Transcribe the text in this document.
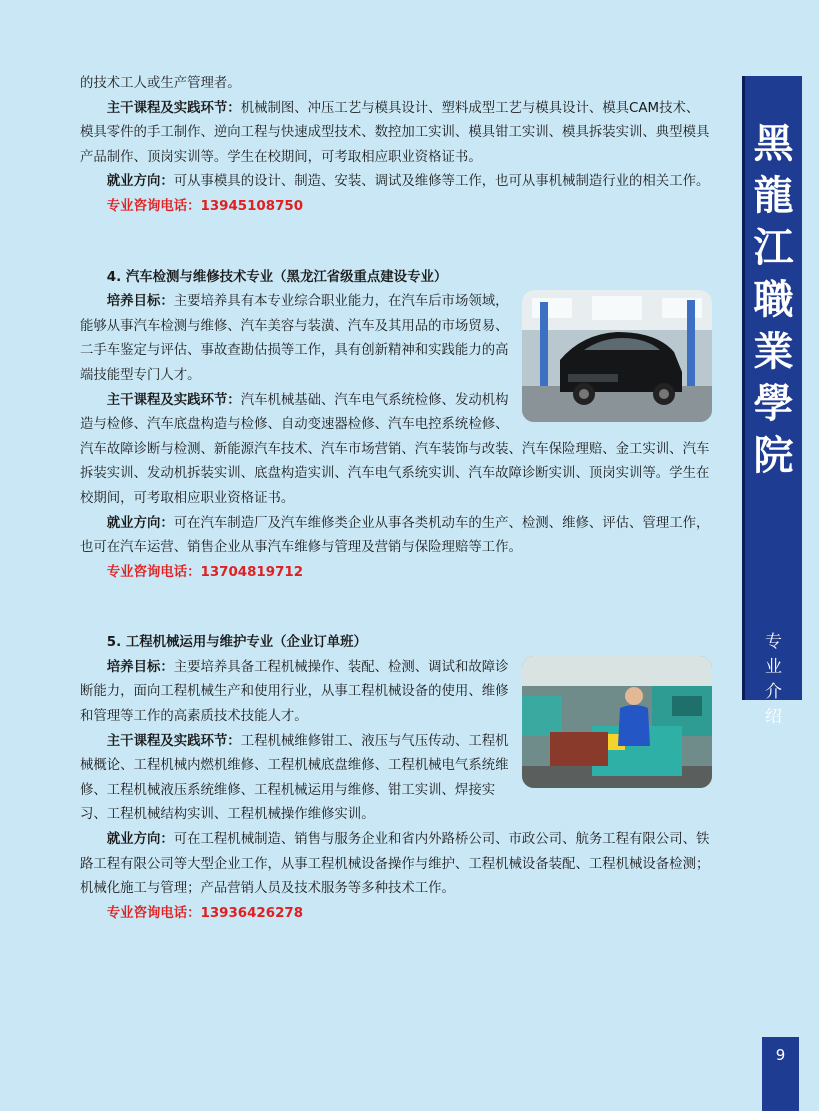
的技术工人或生产管理者。

主干课程及实践环节：机械制图、冲压工艺与模具设计、塑料成型工艺与模具设计、模具CAM技术、模具零件的手工制作、逆向工程与快速成型技术、数控加工实训、模具钳工实训、模具拆装实训、典型模具产品制作、顶岗实训等。学生在校期间，可考取相应职业资格证书。

就业方向：可从事模具的设计、制造、安装、调试及维修等工作，也可从事机械制造行业的相关工作。

专业咨询电话：13945108750

4. 汽车检测与维修技术专业（黑龙江省级重点建设专业）

培养目标：主要培养具有本专业综合职业能力，在汽车后市场领域，能够从事汽车检测与维修、汽车美容与装潢、汽车及其用品的市场贸易、二手车鉴定与评估、事故查勘估损等工作，具有创新精神和实践能力的高端技能型专门人才。

主干课程及实践环节：汽车机械基础、汽车电气系统检修、发动机构造与检修、汽车底盘构造与检修、自动变速器检修、汽车电控系统检修、汽车故障诊断与检测、新能源汽车技术、汽车市场营销、汽车装饰与改装、汽车保险理赔、金工实训、汽车拆装实训、发动机拆装实训、底盘构造实训、汽车电气系统实训、汽车故障诊断实训、顶岗实训等。学生在校期间，可考取相应职业资格证书。

就业方向：可在汽车制造厂及汽车维修类企业从事各类机动车的生产、检测、维修、评估、管理工作，也可在汽车运营、销售企业从事汽车维修与管理及营销与保险理赔等工作。

专业咨询电话：13704819712

5. 工程机械运用与维护专业（企业订单班）

培养目标：主要培养具备工程机械操作、装配、检测、调试和故障诊断能力，面向工程机械生产和使用行业，从事工程机械设备的使用、维修和管理等工作的高素质技术技能人才。

主干课程及实践环节：工程机械维修钳工、液压与气压传动、工程机械概论、工程机械内燃机维修、工程机械底盘维修、工程机械电气系统维修、工程机械液压系统维修、工程机械运用与维修、钳工实训、焊接实习、工程机械结构实训、工程机械操作维修实训。

就业方向：可在工程机械制造、销售与服务企业和省内外路桥公司、市政公司、航务工程有限公司、铁路工程有限公司等大型企业工作，从事工程机械设备操作与维护、工程机械设备装配、工程机械设备检测；机械化施工与管理；产品营销人员及技术服务等多种技术工作。

专业咨询电话：13936426278

黑
龍
江
職
業
學
院
专
业
介
绍
9
